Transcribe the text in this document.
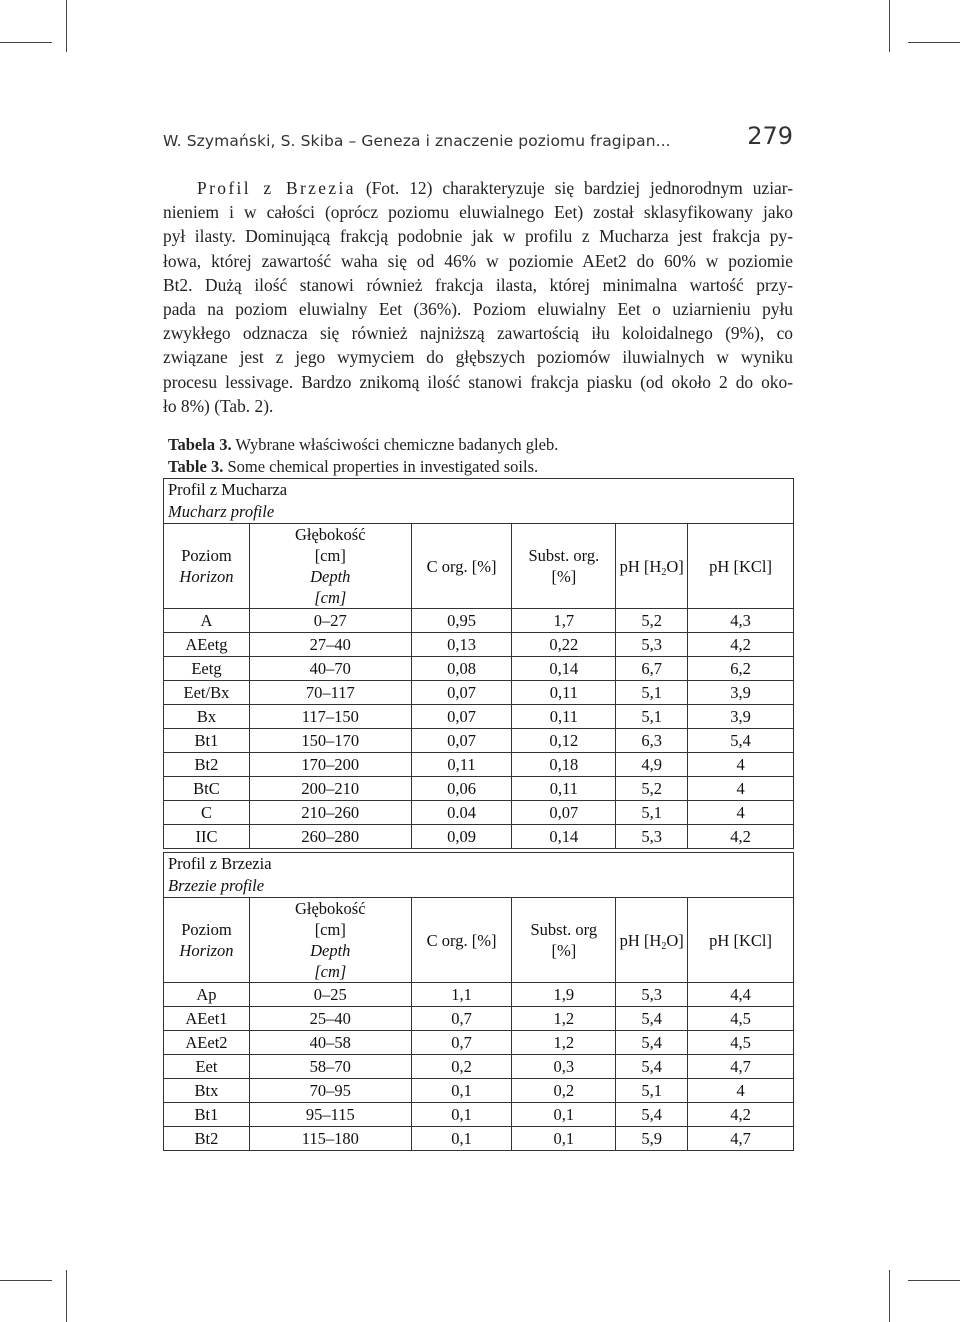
W. Szymański, S. Skiba – Geneza i znaczenie poziomu fragipan...	279
Profil z Brzezia (Fot. 12) charakteryzuje się bardziej jednorodnym uziar-
nieniem i w całości (oprócz poziomu eluwialnego Eet) został sklasyfikowany jako
pył ilasty. Dominującą frakcją podobnie jak w profilu z Mucharza jest frakcja py-
łowa, której zawartość waha się od 46% w poziomie AEet2 do 60% w poziomie
Bt2. Dużą ilość stanowi również frakcja ilasta, której minimalna wartość przy-
pada na poziom eluwialny Eet (36%). Poziom eluwialny Eet o uziarnieniu pyłu
zwykłego odznacza się również najniższą zawartością iłu koloidalnego (9%), co
związane jest z jego wymyciem do głębszych poziomów iluwialnych w wyniku
procesu lessivage. Bardzo znikomą ilość stanowi frakcja piasku (od około 2 do oko-
ło 8%) (Tab. 2).
Tabela 3. Wybrane właściwości chemiczne badanych gleb.
Table 3. Some chemical properties in investigated soils.
Profil z Mucharza
Mucharz profile					

Poziom
Horizon	Głębokość
[cm]
Depth
[cm]	C org. [%]	Subst. org.
[%]	pH $[H_2O]$	pH [KCl]
A	0–27	0,95	1,7	5,2	4,3
AEetg	27–40	0,13	0,22	5,3	4,2
Eetg	40–70	0,08	0,14	6,7	6,2
Eet/Bx	70–117	0,07	0,11	5,1	3,9
Bx	117–150	0,07	0,11	5,1	3,9
Bt1	150–170	0,07	0,12	6,3	5,4
Bt2	170–200	0,11	0,18	4,9	4
BtC	200–210	0,06	0,11	5,2	4
C	210–260	0.04	0,07	5,1	4
IIC	260–280	0,09	0,14	5,3	4,2
Profil z Brzezia
Brzezie profile					

Poziom
Horizon	Głębokość
[cm]
Depth
[cm]	C org. [%]	Subst. org
[%]	pH $[H_2O]$	pH [KCl]
Ap	0–25	1,1	1,9	5,3	4,4
AEet1	25–40	0,7	1,2	5,4	4,5
AEet2	40–58	0,7	1,2	5,4	4,5
Eet	58–70	0,2	0,3	5,4	4,7
Btx	70–95	0,1	0,2	5,1	4
Bt1	95–115	0,1	0,1	5,4	4,2
Bt2	115–180	0,1	0,1	5,9	4,7
